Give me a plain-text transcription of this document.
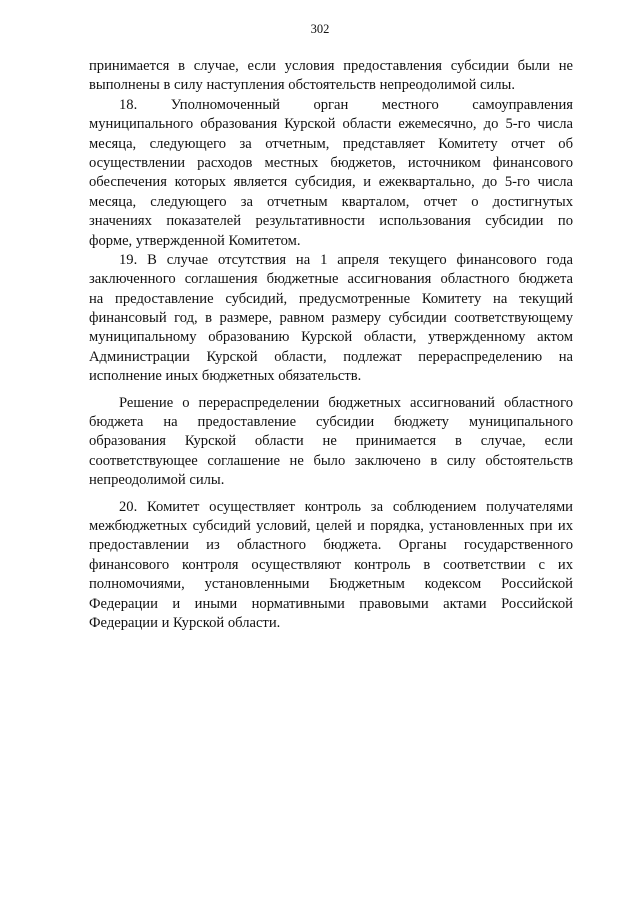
302
принимается в случае, если условия предоставления субсидии были не
выполнены в силу наступления обстоятельств непреодолимой силы.
18. Уполномоченный орган местного самоуправления
муниципального образования Курской области ежемесячно, до 5-го числа
месяца, следующего за отчетным, представляет Комитету отчет об
осуществлении расходов местных бюджетов, источником финансового
обеспечения которых является субсидия, и ежеквартально, до 5-го числа
месяца, следующего за отчетным кварталом, отчет о достигнутых
значениях показателей результативности использования субсидии по
форме, утвержденной Комитетом.
19. В случае отсутствия на 1 апреля текущего финансового года
заключенного соглашения бюджетные ассигнования областного бюджета
на предоставление субсидий, предусмотренные Комитету на текущий
финансовый год, в размере, равном размеру субсидии соответствующему
муниципальному образованию Курской области, утвержденному актом
Администрации Курской области, подлежат перераспределению на
исполнение иных бюджетных обязательств.
Решение о перераспределении бюджетных ассигнований областного
бюджета на предоставление субсидии бюджету муниципального
образования Курской области не принимается в случае, если
соответствующее соглашение не было заключено в силу обстоятельств
непреодолимой силы.
20. Комитет осуществляет контроль за соблюдением получателями
межбюджетных субсидий условий, целей и порядка, установленных при их
предоставлении из областного бюджета. Органы государственного
финансового контроля осуществляют контроль в соответствии с их
полномочиями, установленными Бюджетным кодексом Российской
Федерации и иными нормативными правовыми актами Российской
Федерации и Курской области.
